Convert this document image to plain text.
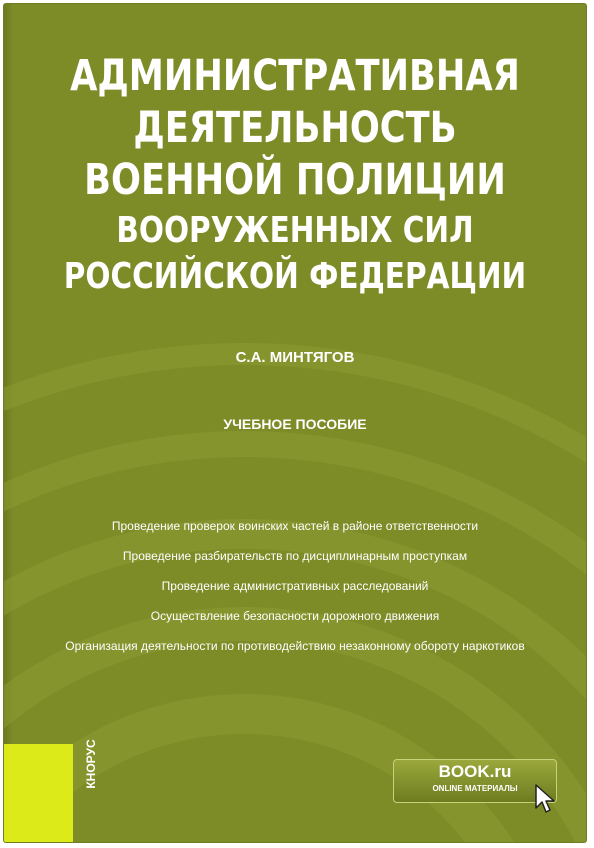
АДМИНИСТРАТИВНАЯ
ДЕЯТЕЛЬНОСТЬ
ВОЕННОЙ ПОЛИЦИИ
ВООРУЖЕННЫХ СИЛ
РОССИЙСКОЙ ФЕДЕРАЦИИ
С.А. МИНТЯГОВ
УЧЕБНОЕ ПОСОБИЕ
Проведение проверок воинских частей в районе ответственности
Проведение разбирательств по дисциплинарным проступкам
Проведение административных расследований
Осуществление безопасности дорожного движения
Организация деятельности по противодействию незаконному обороту наркотиков
КНОРУС	BOOK.ru
ONLINE МАТЕРИАЛЫ
